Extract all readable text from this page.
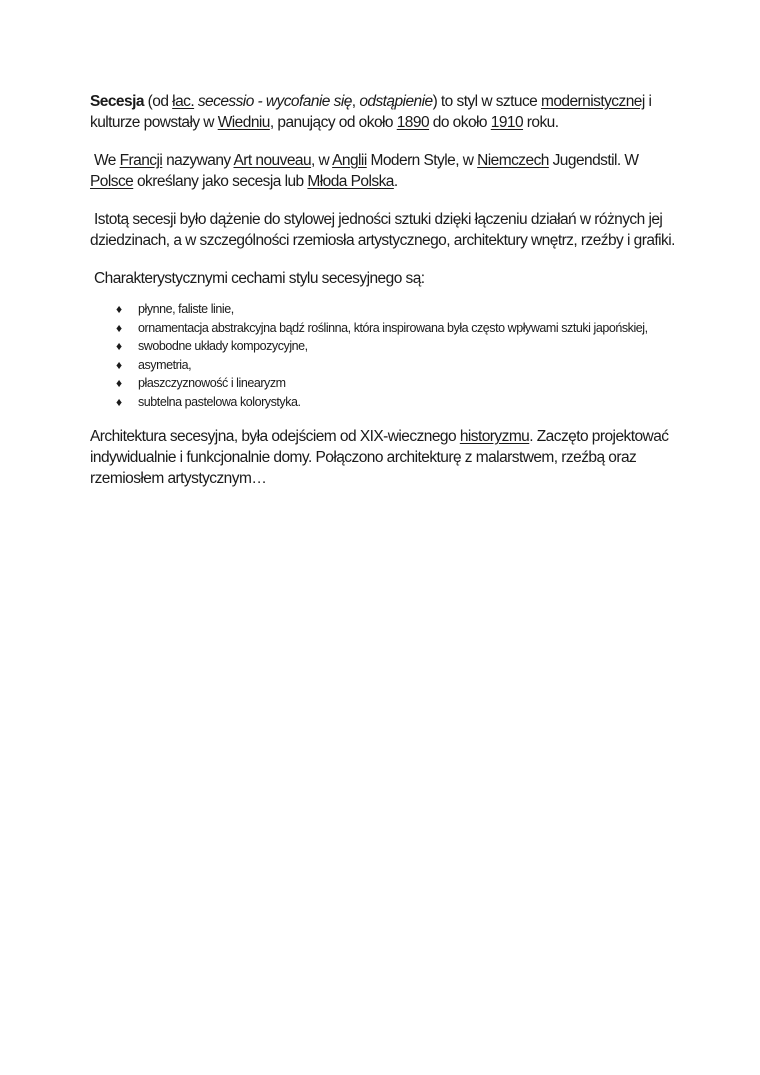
Secesja (od łac. secessio - wycofanie się, odstąpienie) to styl w sztuce modernistycznej i kulturze powstały w Wiedniu, panujący od około 1890 do około 1910 roku.

We Francji nazywany Art nouveau, w Anglii Modern Style, w Niemczech Jugendstil. W Polsce określany jako secesja lub Młoda Polska.

Istotą secesji było dążenie do stylowej jedności sztuki dzięki łączeniu działań w różnych jej dziedzinach, a w szczególności rzemiosła artystycznego, architektury wnętrz, rzeźby i grafiki.

Charakterystycznymi cechami stylu secesyjnego są:

♦ płynne, faliste linie,
♦ ornamentacja abstrakcyjna bądź roślinna, która inspirowana była często wpływami sztuki japońskiej,
♦ swobodne układy kompozycyjne,
♦ asymetria,
♦ płaszczyznowość i linearyzm
♦ subtelna pastelowa kolorystyka.

Architektura secesyjna, była odejściem od XIX-wiecznego historyzmu. Zaczęto projektować indywidualnie i funkcjonalnie domy. Połączono architekturę z malarstwem, rzeźbą oraz rzemiosłem artystycznym…
